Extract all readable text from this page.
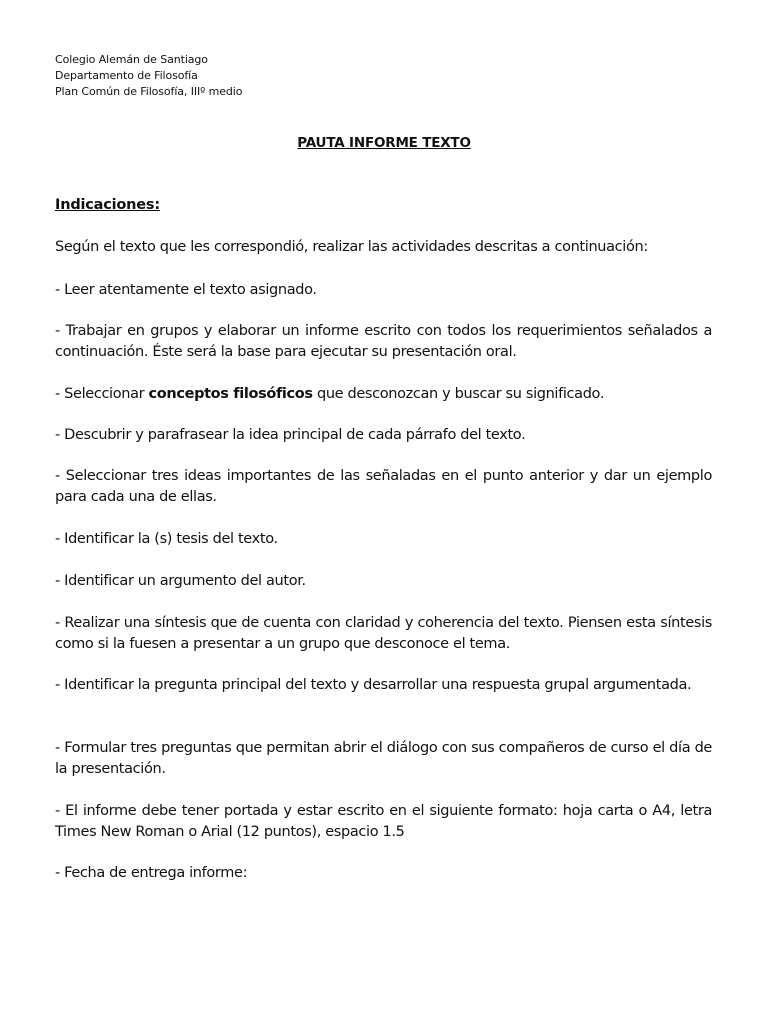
Colegio Alemán de Santiago
Departamento de Filosofía
Plan Común de Filosofía, IIIº medio
PAUTA INFORME TEXTO
Indicaciones:
Según el texto que les correspondió, realizar las actividades descritas a continuación:
- Leer atentamente el texto asignado.
- Trabajar en grupos y elaborar un informe escrito con todos los requerimientos señalados a continuación. Éste será la base para ejecutar su presentación oral.
- Seleccionar conceptos filosóficos que desconozcan y buscar su significado.
- Descubrir y parafrasear la idea principal de cada párrafo del texto.
- Seleccionar tres ideas importantes de las señaladas en el punto anterior y dar un ejemplo para cada una de ellas.
- Identificar la (s) tesis del texto.
- Identificar un argumento del autor.
- Realizar una síntesis que de cuenta con claridad y coherencia del texto. Piensen esta síntesis como si la fuesen a presentar a un grupo que desconoce el tema.
- Identificar la pregunta principal del texto y desarrollar una respuesta grupal argumentada.
- Formular tres preguntas que permitan abrir el diálogo con sus compañeros de curso el día de la presentación.
- El informe debe tener portada y estar escrito en el siguiente formato: hoja carta o A4, letra Times New Roman o Arial (12 puntos), espacio 1.5
- Fecha de entrega informe:
